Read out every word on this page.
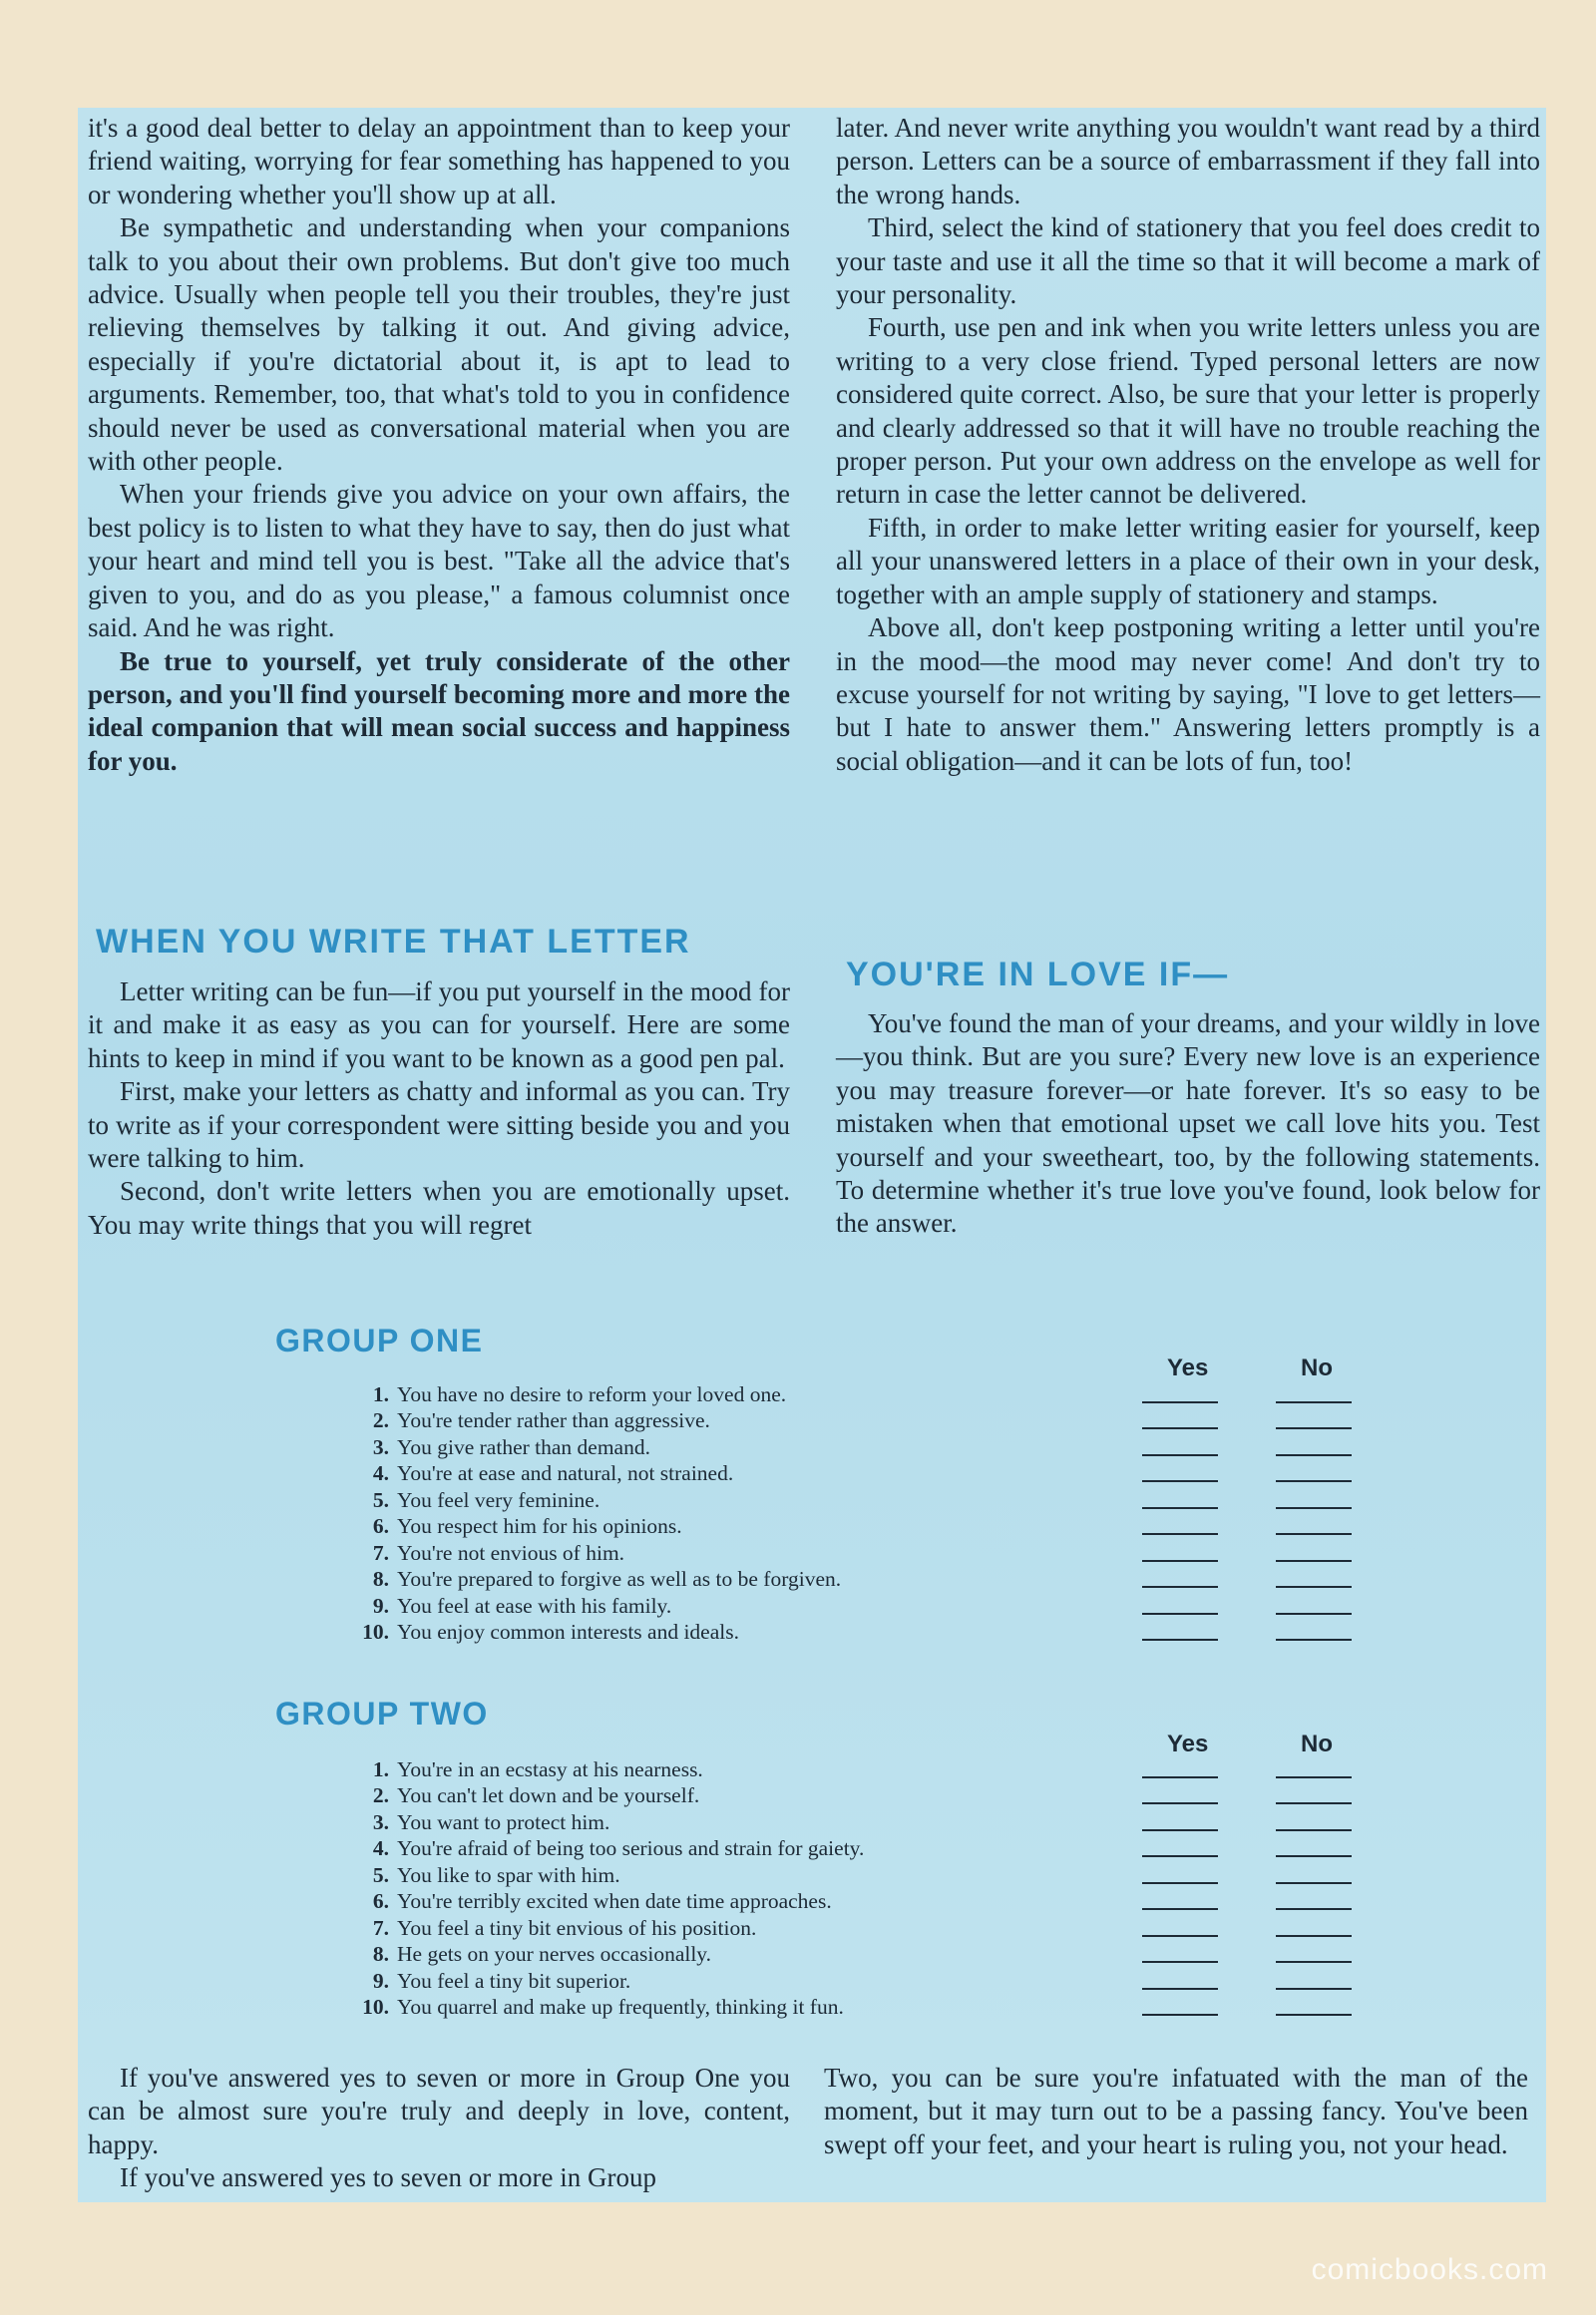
it's a good deal better to delay an appointment than to keep your friend waiting, worrying for fear something has happened to you or wondering whether you'll show up at all.

Be sympathetic and understanding when your companions talk to you about their own problems. But don't give too much advice. Usually when people tell you their troubles, they're just relieving themselves by talking it out. And giving advice, especially if you're dictatorial about it, is apt to lead to arguments. Remember, too, that what's told to you in confidence should never be used as conversational material when you are with other people.

When your friends give you advice on your own affairs, the best policy is to listen to what they have to say, then do just what your heart and mind tell you is best. "Take all the advice that's given to you, and do as you please," a famous columnist once said. And he was right.

Be true to yourself, yet truly considerate of the other person, and you'll find yourself becoming more and more the ideal companion that will mean social success and happiness for you.

WHEN YOU WRITE THAT LETTER

Letter writing can be fun—if you put yourself in the mood for it and make it as easy as you can for yourself. Here are some hints to keep in mind if you want to be known as a good pen pal.

First, make your letters as chatty and informal as you can. Try to write as if your correspondent were sitting beside you and you were talking to him.

Second, don't write letters when you are emotionally upset. You may write things that you will regret

later. And never write anything you wouldn't want read by a third person. Letters can be a source of embarrassment if they fall into the wrong hands.

Third, select the kind of stationery that you feel does credit to your taste and use it all the time so that it will become a mark of your personality.

Fourth, use pen and ink when you write letters unless you are writing to a very close friend. Typed personal letters are now considered quite correct. Also, be sure that your letter is properly and clearly addressed so that it will have no trouble reaching the proper person. Put your own address on the envelope as well for return in case the letter cannot be delivered.

Fifth, in order to make letter writing easier for yourself, keep all your unanswered letters in a place of their own in your desk, together with an ample supply of stationery and stamps.

Above all, don't keep postponing writing a letter until you're in the mood—the mood may never come! And don't try to excuse yourself for not writing by saying, "I love to get letters—but I hate to answer them." Answering letters promptly is a social obligation—and it can be lots of fun, too!

YOU'RE IN LOVE IF—

You've found the man of your dreams, and your wildly in love—you think. But are you sure? Every new love is an experience you may treasure forever—or hate forever. It's so easy to be mistaken when that emotional upset we call love hits you. Test yourself and your sweetheart, too, by the following statements. To determine whether it's true love you've found, look below for the answer.

GROUP ONE
Yes	No
1. You have no desire to reform your loved one.
2. You're tender rather than aggressive.
3. You give rather than demand.
4. You're at ease and natural, not strained.
5. You feel very feminine.
6. You respect him for his opinions.
7. You're not envious of him.
8. You're prepared to forgive as well as to be forgiven.
9. You feel at ease with his family.
10. You enjoy common interests and ideals.
GROUP TWO
Yes	No
1. You're in an ecstasy at his nearness.
2. You can't let down and be yourself.
3. You want to protect him.
4. You're afraid of being too serious and strain for gaiety.
5. You like to spar with him.
6. You're terribly excited when date time approaches.
7. You feel a tiny bit envious of his position.
8. He gets on your nerves occasionally.
9. You feel a tiny bit superior.
10. You quarrel and make up frequently, thinking it fun.

If you've answered yes to seven or more in Group One you can be almost sure you're truly and deeply in love, content, happy.

If you've answered yes to seven or more in Group

Two, you can be sure you're infatuated with the man of the moment, but it may turn out to be a passing fancy. You've been swept off your feet, and your heart is ruling you, not your head.

comicbooks.com
